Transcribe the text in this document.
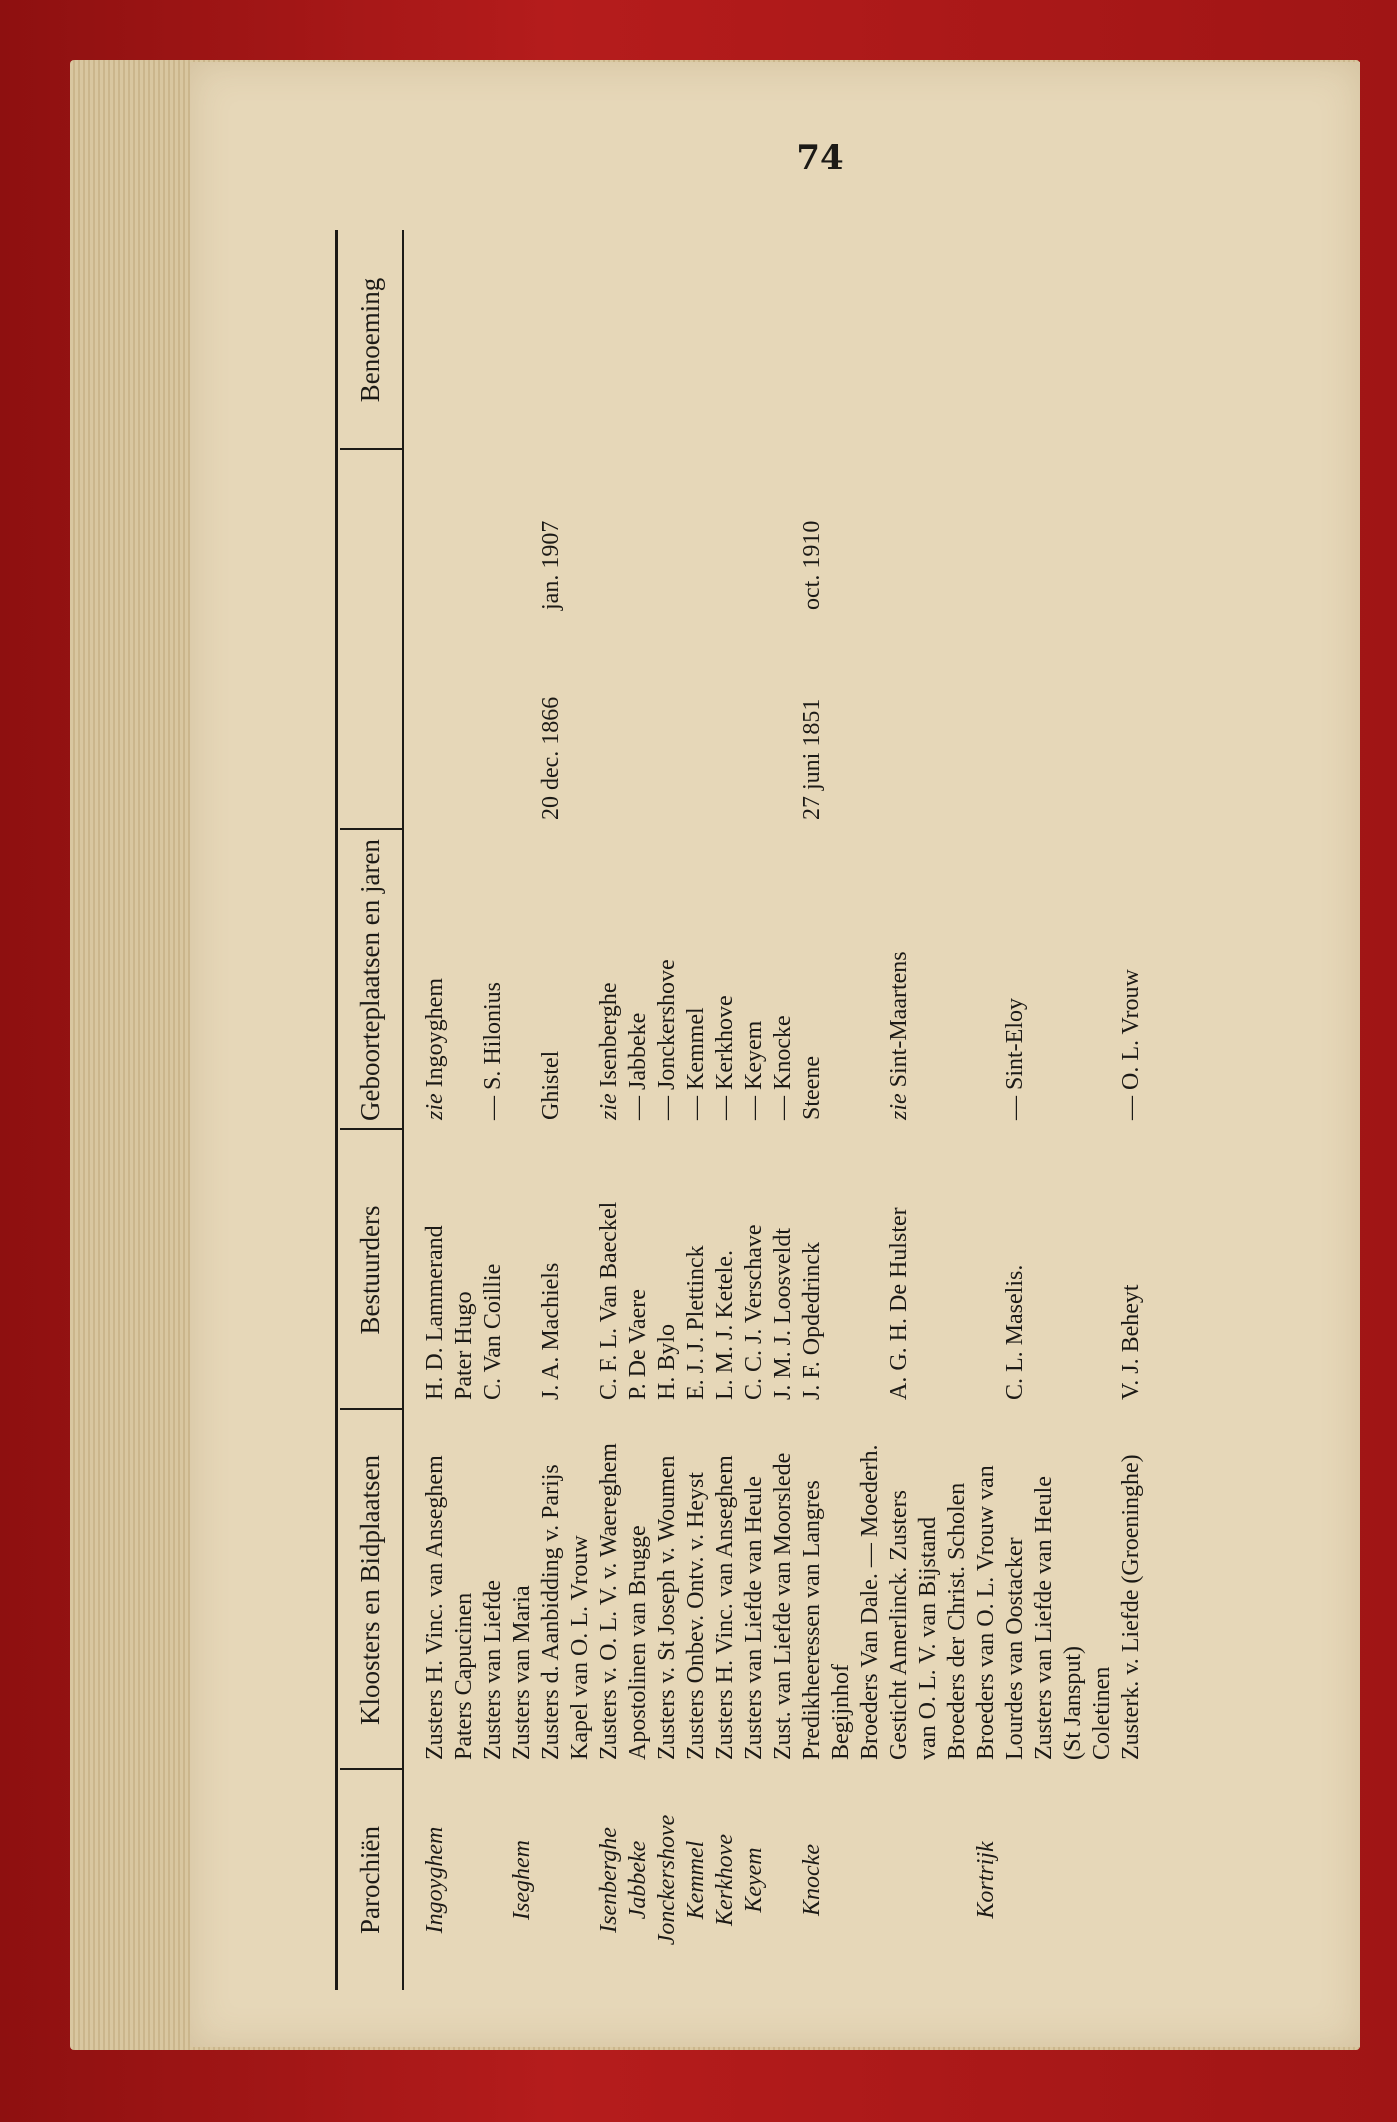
74
Parochiën
Kloosters en Bidplaatsen
Bestuurders
Geboorteplaatsen en jaren
Benoeming
Ingoyghem
Zusters H. Vinc. van Anseghem
H. D. Lammerand
zie Ingoyghem
Paters Capucinen
Pater Hugo
Zusters van Liefde
C. Van Coillie
— S. Hilonius
Iseghem
Zusters van Maria Zusters d. Aanbidding v. Parijs
J. A. Machiels
Ghistel
20 dec. 1866
jan. 1907
Kapel van O. L. Vrouw
Isenberghe
Zusters v. O. L. V. v. Waereghem
C. F. L. Van Baeckel
zie Isenberghe
Jabbeke
Apostolinen van Brugge
P. De Vaere
— Jabbeke
Jonckershove
Zusters v. St Joseph v. Woumen
H. Bylo
— Jonckershove
Kemmel
Zusters Onbev. Ontv. v. Heyst
E. J. J. Plettinck
— Kemmel
Kerkhove
Zusters H. Vinc. van Anseghem
L. M. J. Ketele.
— Kerkhove
Keyem
Zusters van Liefde van Heule
C. C. J. Verschave
— Keyem
Zust. van Liefde van Moorslede
J. M. J. Loosveldt
— Knocke
Knocke
Predikheeressen van Langres
J. F. Opdedrinck
Steene
27 juni 1851
oct. 1910
Begijnhof Broeders Van Dale. — Moederh. Gesticht Amerlinck. Zusters
A. G. H. De Hulster
zie Sint-Maartens
van O. L. V. van Bijstand Broeders der Christ. Scholen
Kortrijk
Broeders van O. L. Vrouw van Lourdes van Oostacker
C. L. Maselis.
— Sint-Eloy
Zusters van Liefde van Heule (St Jansput) Coletinen Zusterk. v. Liefde (Groeninghe)
V. J. Beheyt
— O. L. Vrouw
